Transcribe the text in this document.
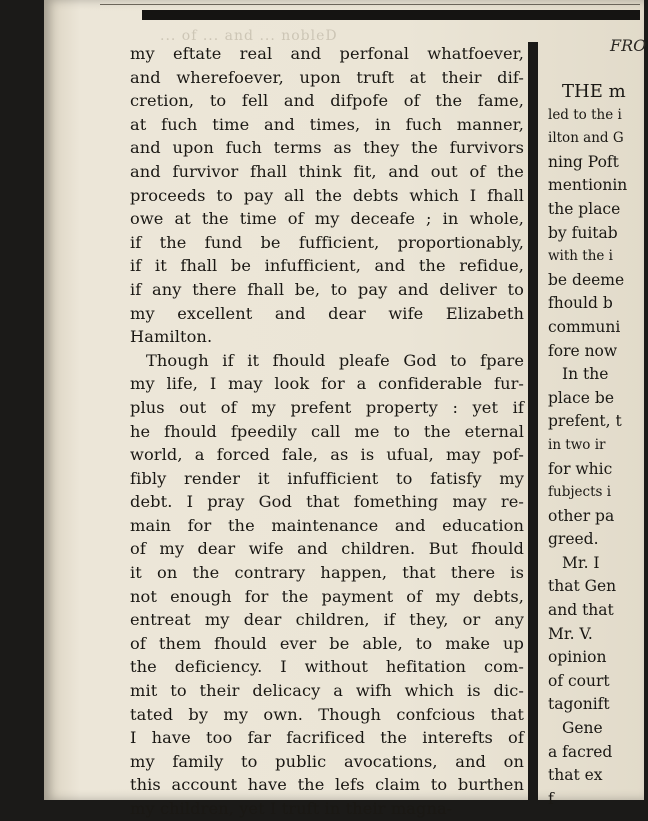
... of ... and ... nobleD	FRO
my eftate real and perfonal whatfoever,
and wherefoever, upon truft at their dif-
cretion, to fell and difpofe of the fame,
at fuch time and times, in fuch manner,
and upon fuch terms as they the furvivors
and furvivor fhall think fit, and out of the
proceeds to pay all the debts which I fhall
owe at the time of my deceafe ; in whole,
if the fund be fufficient, proportionably,
if it fhall be infufficient, and the refidue,
if any there fhall be, to pay and deliver to
my excellent and dear wife Elizabeth
Hamilton.
Though if it fhould pleafe God to fpare
my life, I may look for a confiderable fur-
plus out of my prefent property : yet if
he fhould fpeedily call me to the eternal
world, a forced fale, as is ufual, may pof-
fibly render it infufficient to fatisfy my
debt. I pray God that fomething may re-
main for the maintenance and education
of my dear wife and children. But fhould
it on the contrary happen, that there is
not enough for the payment of my debts,
entreat my dear children, if they, or any
of them fhould ever be able, to make up
the deficiency. I without hefitation com-
mit to their delicacy a wifh which is dic-
tated by my own. Though confcious that
I have too far facrificed the interefts of
my family to public avocations, and on
this account have the lefs claim to burthen
my children, yet I truft in their magna-
THE m
led to the i
ilton and G
ning Poft
mentionin
the place
by fuitab
with the i
be deeme
fhould b
communi
fore now
In the
place be
prefent, t
in two ir
for whic
fubjects i
other pa
greed.
Mr. I
that Gen
and that
Mr. V.
opinion
of court
tagonift
Gene
a facred
that ex
f
